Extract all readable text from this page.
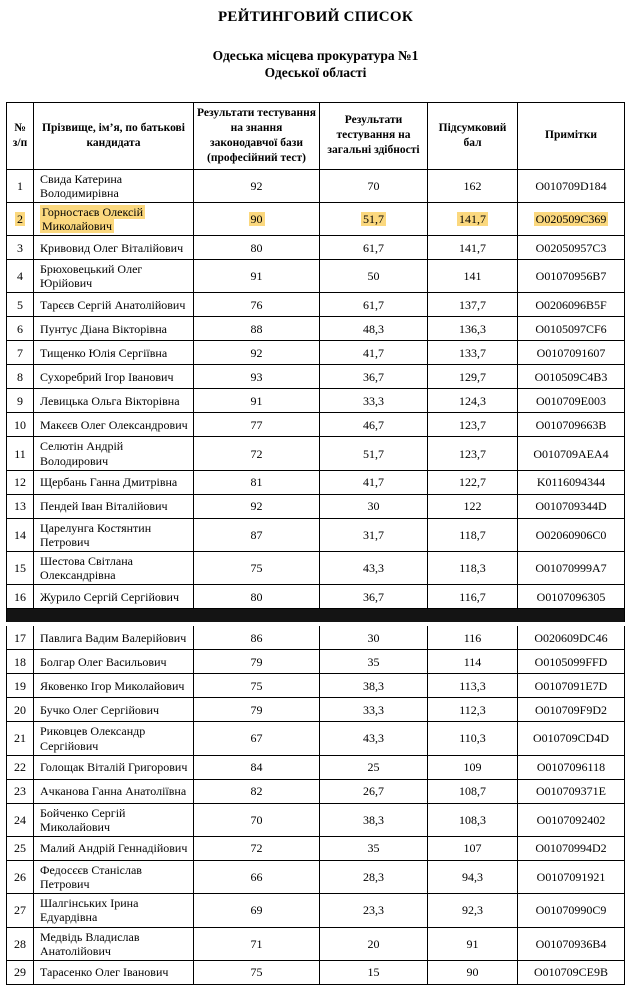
РЕЙТИНГОВИЙ СПИСОК
Одеська місцева прокуратура №1
Одеської області
№ з/п	Прізвище, ім’я, по батькові кандидата	Результати тестування на знання законодавчої бази (професійний тест)	Результати тестування на загальні здібності	Підсумковий бал	Примітки
1	Свида Катерина Володимирівна	92	70	162	O010709D184
2	Горностаєв Олексій Миколайович	90	51,7	141,7	O020509C369
3	Кривовид Олег Віталійович	80	61,7	141,7	O02050957C3
4	Брюховецький Олег Юрійович	91	50	141	O01070956B7
5	Тарєєв Сергій Анатолійович	76	61,7	137,7	O0206096B5F
6	Пунтус Діана Вікторівна	88	48,3	136,3	O0105097CF6
7	Тищенко Юлія Сергіївна	92	41,7	133,7	O0107091607
8	Сухоребрий Ігор Іванович	93	36,7	129,7	O010509C4B3
9	Левицька Ольга Вікторівна	91	33,3	124,3	O010709E003
10	Макєєв Олег Олександрович	77	46,7	123,7	O010709663B
11	Селютін Андрій Володирович	72	51,7	123,7	O010709AEA4
12	Щербань Ганна Дмитрівна	81	41,7	122,7	K0116094344
13	Пендей Іван Віталійович	92	30	122	O010709344D
14	Царелунга Костянтин Петрович	87	31,7	118,7	O02060906C0
15	Шестова Світлана Олександрівна	75	43,3	118,3	O01070999A7
16	Журило Сергій Сергійович	80	36,7	116,7	O0107096305

17	Павлига Вадим Валерійович	86	30	116	O020609DC46
18	Болгар Олег Васильович	79	35	114	O0105099FFD
19	Яковенко Ігор Миколайович	75	38,3	113,3	O0107091E7D
20	Бучко Олег Сергійович	79	33,3	112,3	O010709F9D2
21	Риковцев Олександр Сергійович	67	43,3	110,3	O010709CD4D
22	Голощак Віталій Григорович	84	25	109	O0107096118
23	Ачканова Ганна Анатоліївна	82	26,7	108,7	O010709371E
24	Бойченко Сергій Миколайович	70	38,3	108,3	O0107092402
25	Малий Андрій Геннадійович	72	35	107	O01070994D2
26	Федосєєв Станіслав Петрович	66	28,3	94,3	O0107091921
27	Шалгінських Ірина Едуардівна	69	23,3	92,3	O01070990C9
28	Медвідь Владислав Анатолійович	71	20	91	O01070936B4
29	Тарасенко Олег Іванович	75	15	90	O010709CE9B
